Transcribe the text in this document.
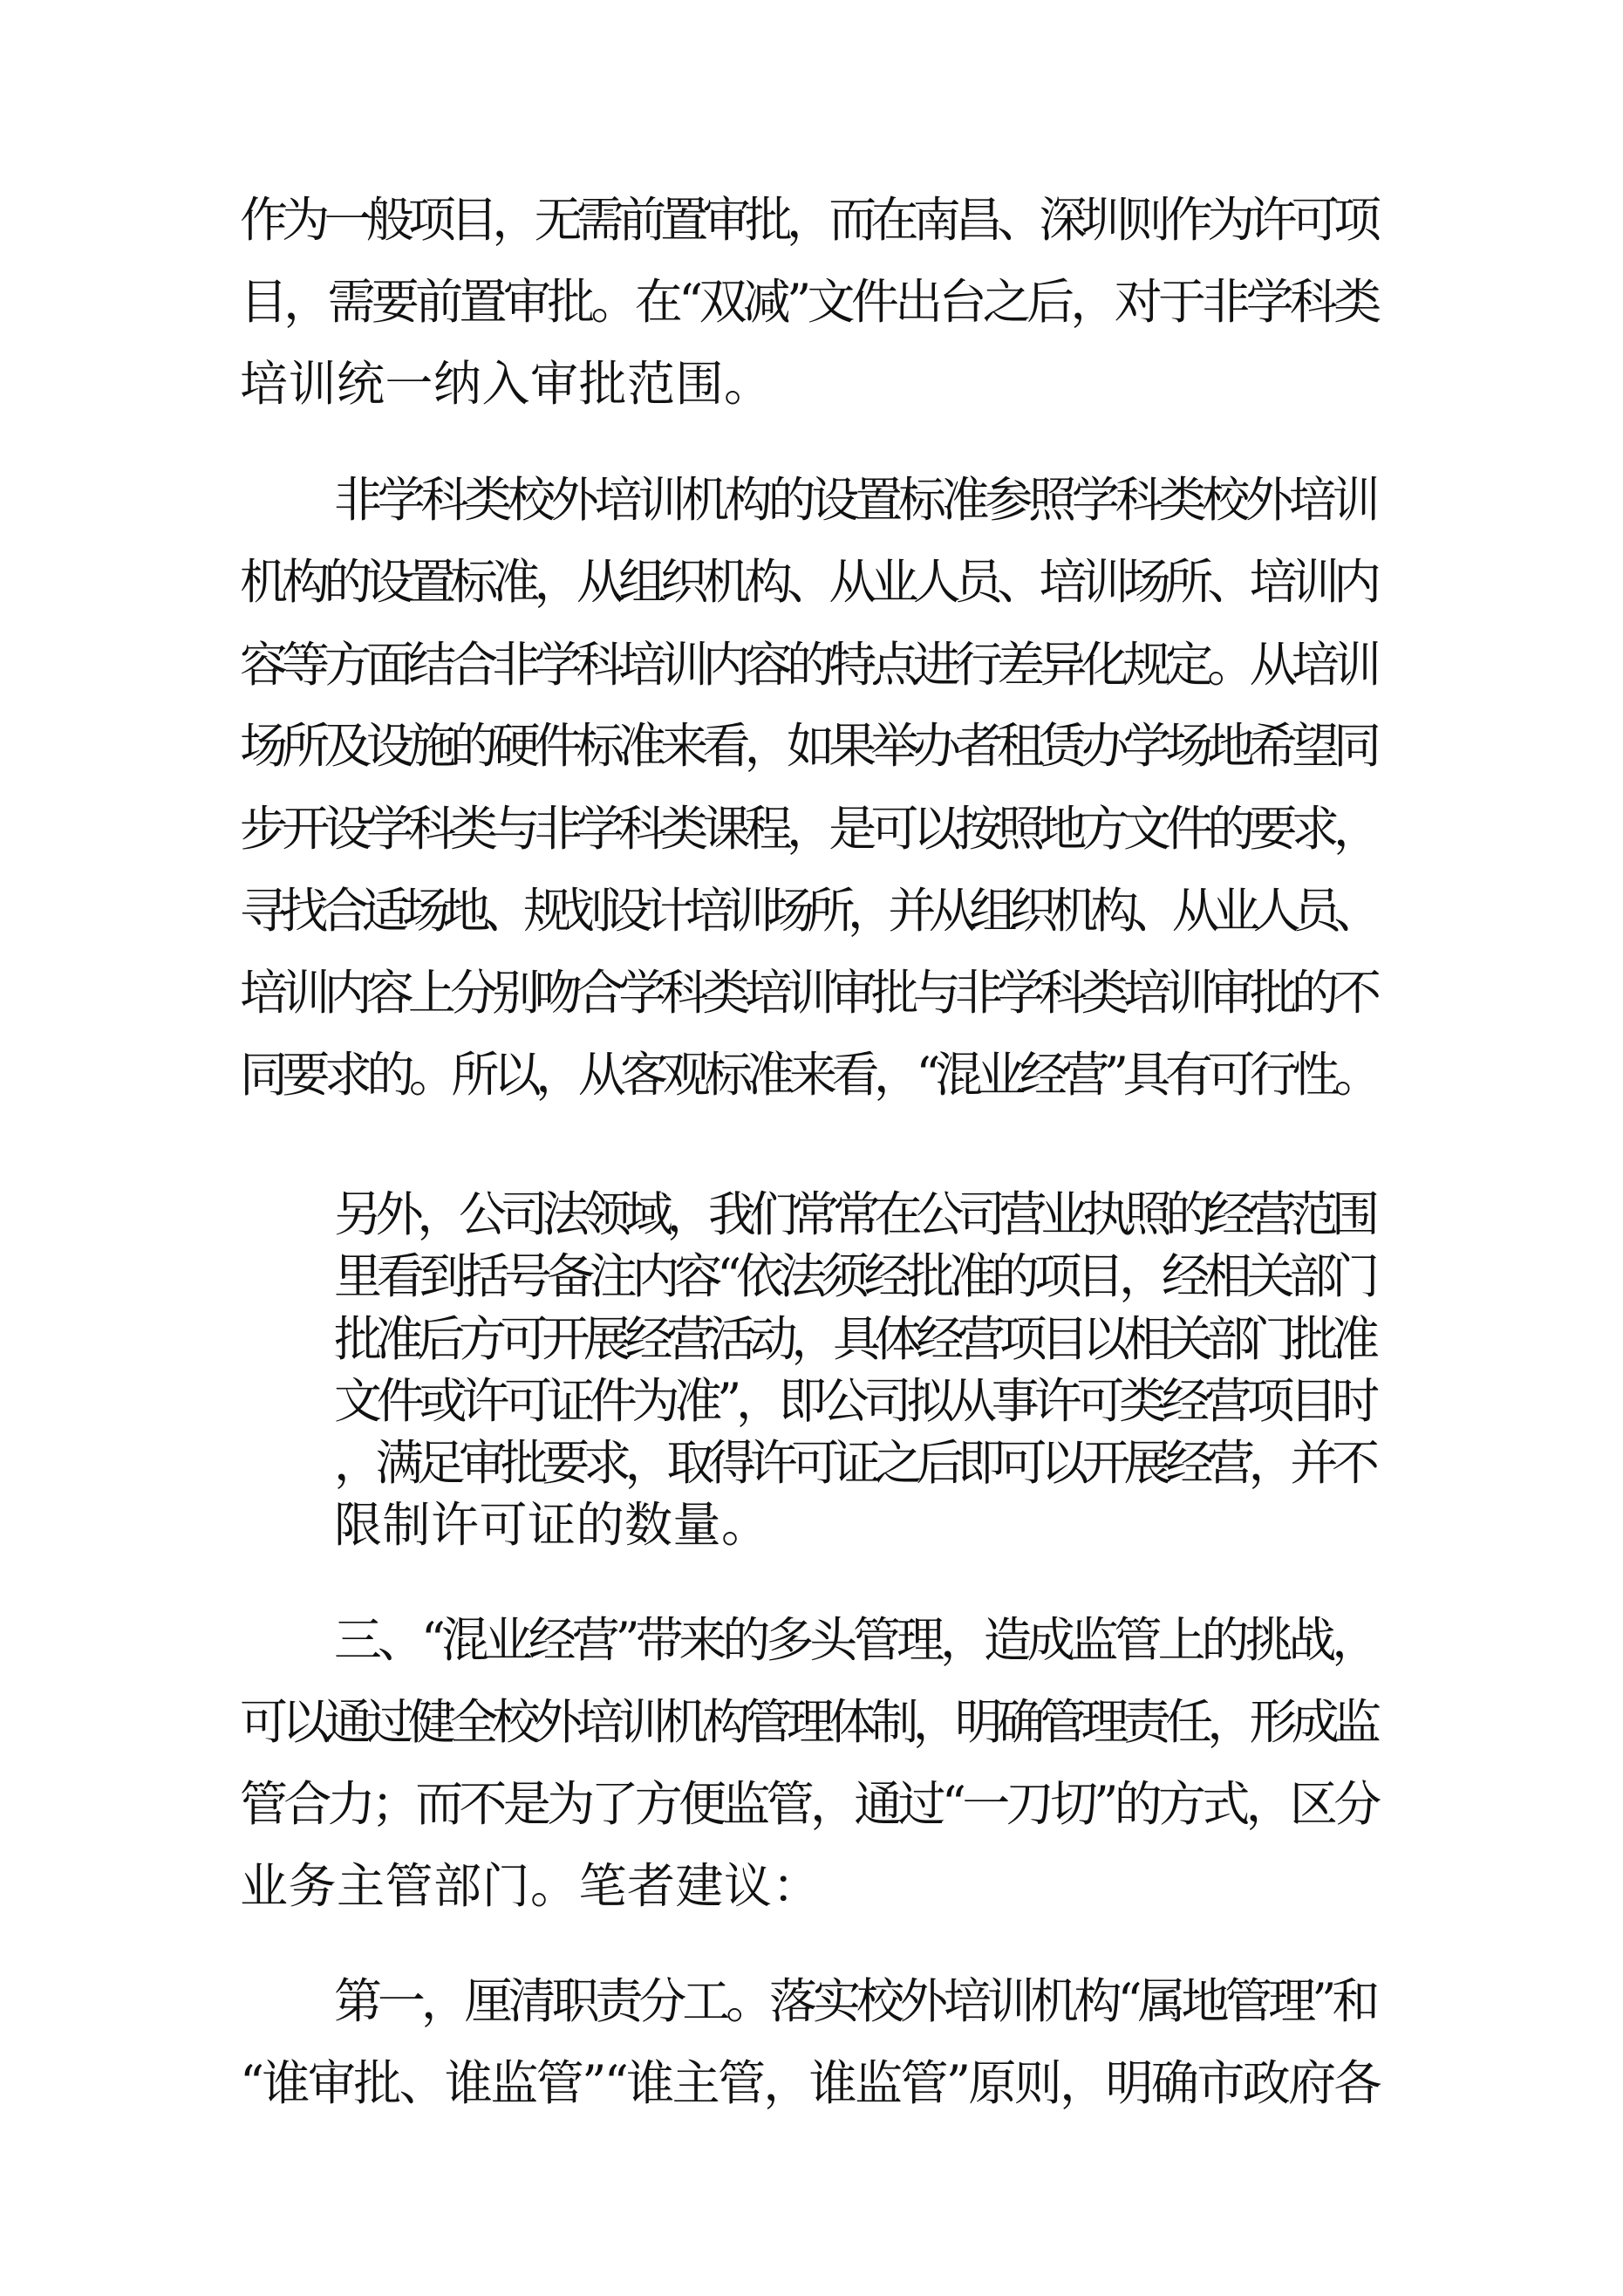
作为一般项目，无需前置审批，而在南昌、深圳则作为许可项
目，需要前置审批。在“双减”文件出台之后，对于非学科类
培训统一纳入审批范围。
非学科类校外培训机构的设置标准参照学科类校外培训
机构的设置标准，从组织机构、从业人员、培训场所、培训内
容等方面结合非学科培训内容的特点进行差异化规定。从培训
场所及设施的硬件标准来看，如果举办者租赁办学场地希望同
步开设学科类与非学科类课程，是可以按照地方文件的要求，
寻找合适场地、规划设计培训场所，并从组织机构、从业人员、
培训内容上分别吻合学科类培训审批与非学科类培训审批的不
同要求的。所以，从客观标准来看，“混业经营”具有可行性。
另外，公司法领域，我们常常在公司营业执照的经营范围
里看到括号备注内容“依法须经批准的项目，经相关部门
批准后方可开展经营活动，具体经营项目以相关部门批准
文件或许可证件为准”，即公司拟从事许可类经营项目时
，满足审批要求，取得许可证之后即可以开展经营，并不
限制许可证的数量。
三、“混业经营”带来的多头管理，造成监管上的挑战，
可以通过健全校外培训机构管理体制，明确管理责任，形成监
管合力；而不是为了方便监管，通过“一刀切”的方式，区分
业务主管部门。笔者建议：
第一，厘清职责分工。落实校外培训机构“属地管理”和
“谁审批、谁监管”“谁主管，谁监管”原则，明确市政府各
